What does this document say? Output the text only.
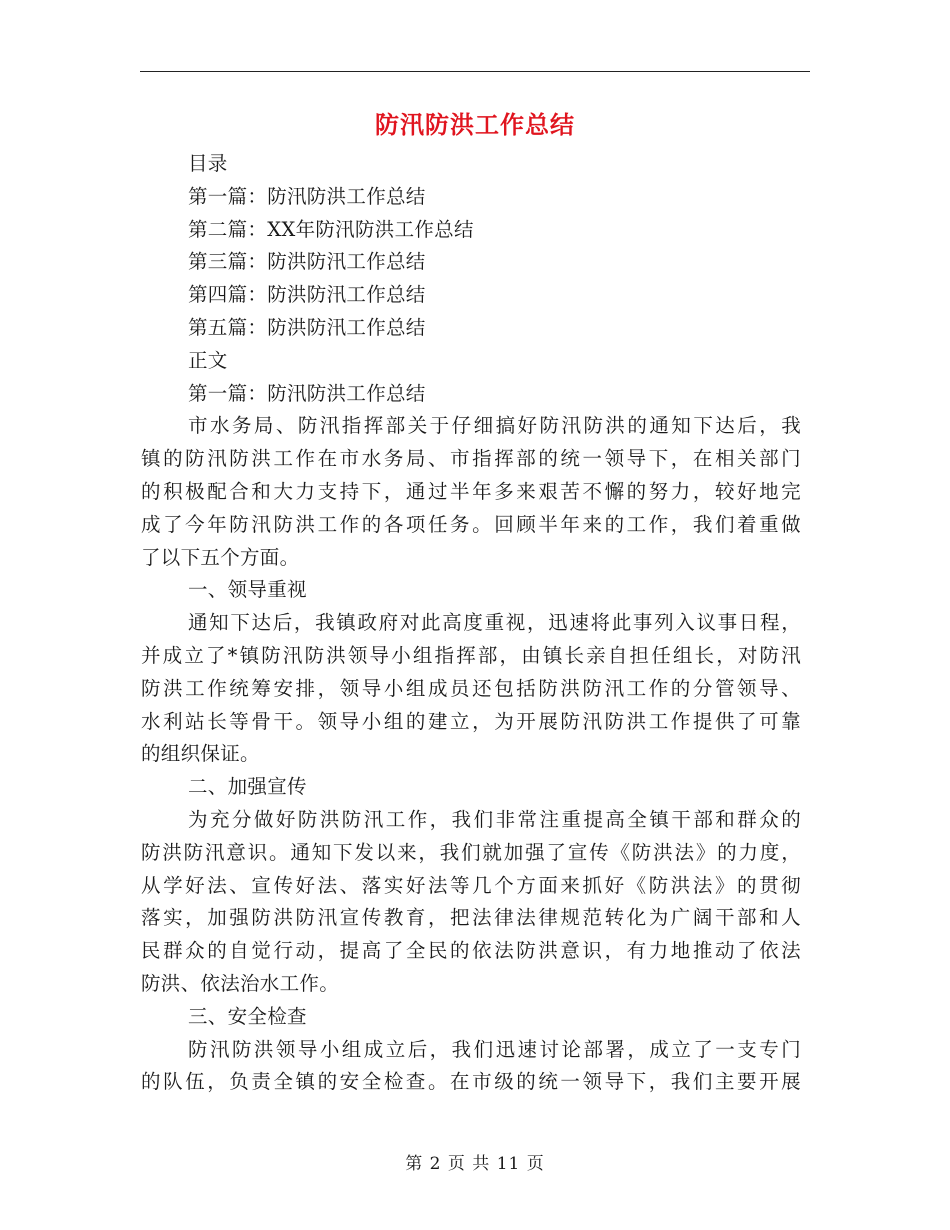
防汛防洪工作总结
目录
第一篇：防汛防洪工作总结
第二篇：XX年防汛防洪工作总结
第三篇：防洪防汛工作总结
第四篇：防洪防汛工作总结
第五篇：防洪防汛工作总结
正文
第一篇：防汛防洪工作总结
市水务局、防汛指挥部关于仔细搞好防汛防洪的通知下达后，我
镇的防汛防洪工作在市水务局、市指挥部的统一领导下，在相关部门
的积极配合和大力支持下，通过半年多来艰苦不懈的努力，较好地完
成了今年防汛防洪工作的各项任务。回顾半年来的工作，我们着重做
了以下五个方面。
一、领导重视
通知下达后，我镇政府对此高度重视，迅速将此事列入议事日程，
并成立了*镇防汛防洪领导小组指挥部，由镇长亲自担任组长，对防汛
防洪工作统筹安排，领导小组成员还包括防洪防汛工作的分管领导、
水利站长等骨干。领导小组的建立，为开展防汛防洪工作提供了可靠
的组织保证。
二、加强宣传
为充分做好防洪防汛工作，我们非常注重提高全镇干部和群众的
防洪防汛意识。通知下发以来，我们就加强了宣传《防洪法》的力度，
从学好法、宣传好法、落实好法等几个方面来抓好《防洪法》的贯彻
落实，加强防洪防汛宣传教育，把法律法律规范转化为广阔干部和人
民群众的自觉行动，提高了全民的依法防洪意识，有力地推动了依法
防洪、依法治水工作。
三、安全检查
防汛防洪领导小组成立后，我们迅速讨论部署，成立了一支专门
的队伍，负责全镇的安全检查。在市级的统一领导下，我们主要开展
第 2 页 共 11 页
